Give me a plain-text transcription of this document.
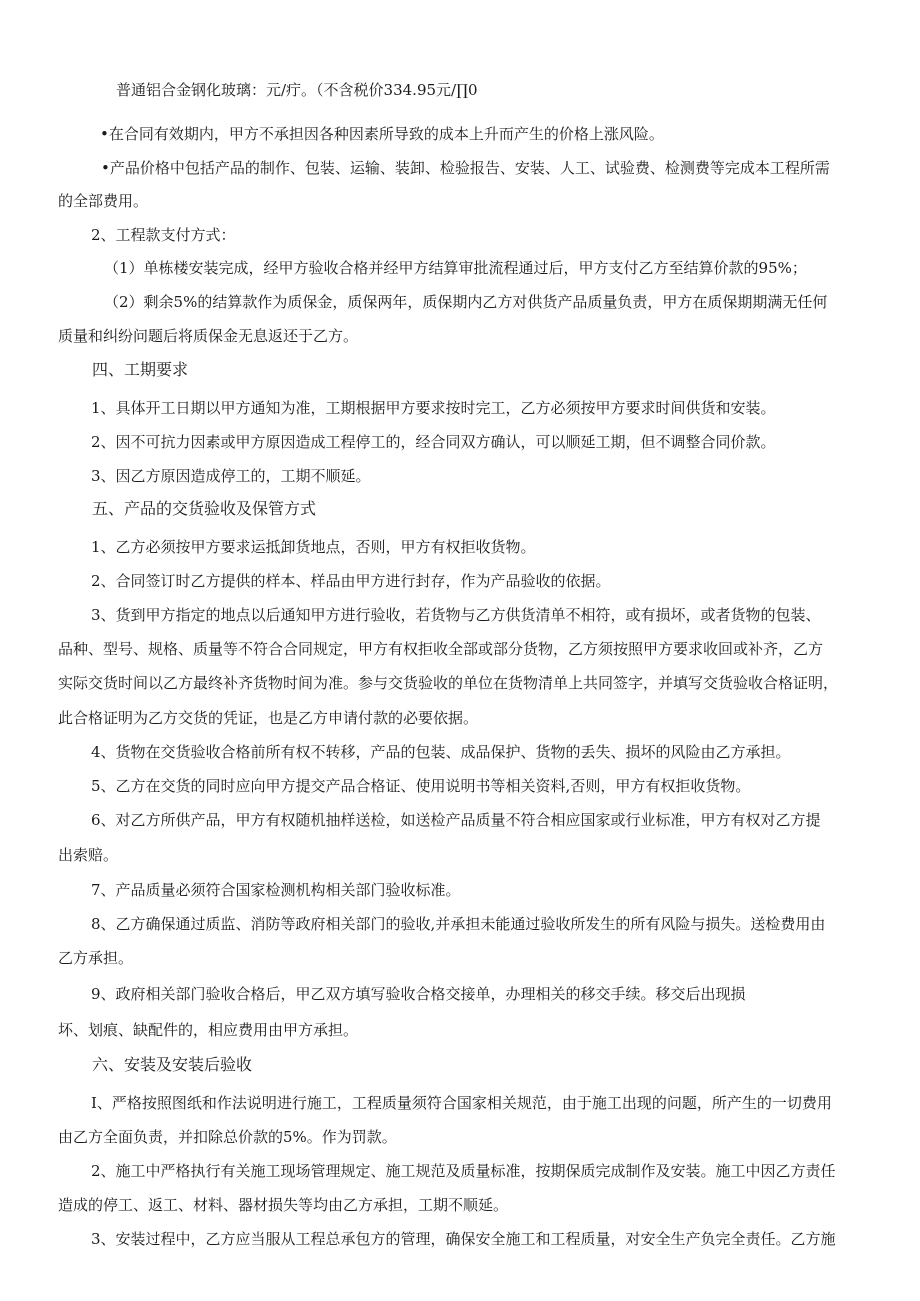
普通铝合金钢化玻璃：元/疔。（不含税价334.95元/∏0
•在合同有效期内，甲方不承担因各种因素所导致的成本上升而产生的价格上涨风险。
•产品价格中包括产品的制作、包装、运输、装卸、检验报告、安装、人工、试验费、检测费等完成本工程所需
的全部费用。
2、工程款支付方式：
（1）单栋楼安装完成，经甲方验收合格并经甲方结算审批流程通过后，甲方支付乙方至结算价款的95%；
（2）剩余5%的结算款作为质保金，质保两年，质保期内乙方对供货产品质量负责，甲方在质保期期满无任何
质量和纠纷问题后将质保金无息返还于乙方。
四、工期要求
1、具体开工日期以甲方通知为准，工期根据甲方要求按时完工，乙方必须按甲方要求时间供货和安装。
2、因不可抗力因素或甲方原因造成工程停工的，经合同双方确认，可以顺延工期，但不调整合同价款。
3、因乙方原因造成停工的，工期不顺延。
五、产品的交货验收及保管方式
1、乙方必须按甲方要求运抵卸货地点，否则，甲方有权拒收货物。
2、合同签订时乙方提供的样本、样品由甲方进行封存，作为产品验收的依据。
3、货到甲方指定的地点以后通知甲方进行验收，若货物与乙方供货清单不相符，或有损坏，或者货物的包装、
品种、型号、规格、质量等不符合合同规定，甲方有权拒收全部或部分货物，乙方须按照甲方要求收回或补齐，乙方
实际交货时间以乙方最终补齐货物时间为准。参与交货验收的单位在货物清单上共同签字，并填写交货验收合格证明，
此合格证明为乙方交货的凭证，也是乙方申请付款的必要依据。
4、货物在交货验收合格前所有权不转移，产品的包装、成品保护、货物的丢失、损坏的风险由乙方承担。
5、乙方在交货的同时应向甲方提交产品合格证、使用说明书等相关资料,否则，甲方有权拒收货物。
6、对乙方所供产品，甲方有权随机抽样送检，如送检产品质量不符合相应国家或行业标准，甲方有权对乙方提
出索赔。
7、产品质量必须符合国家检测机构相关部门验收标准。
8、乙方确保通过质监、消防等政府相关部门的验收,并承担未能通过验收所发生的所有风险与损失。送检费用由
乙方承担。
9、政府相关部门验收合格后，甲乙双方填写验收合格交接单，办理相关的移交手续。移交后出现损
坏、划痕、缺配件的，相应费用由甲方承担。
六、安装及安装后验收
I、严格按照图纸和作法说明进行施工，工程质量须符合国家相关规范，由于施工出现的问题，所产生的一切费用
由乙方全面负责，并扣除总价款的5%。作为罚款。
2、施工中严格执行有关施工现场管理规定、施工规范及质量标准，按期保质完成制作及安装。施工中因乙方责任
造成的停工、返工、材料、器材损失等均由乙方承担，工期不顺延。
3、安装过程中，乙方应当服从工程总承包方的管理，确保安全施工和工程质量，对安全生产负完全责任。乙方施
